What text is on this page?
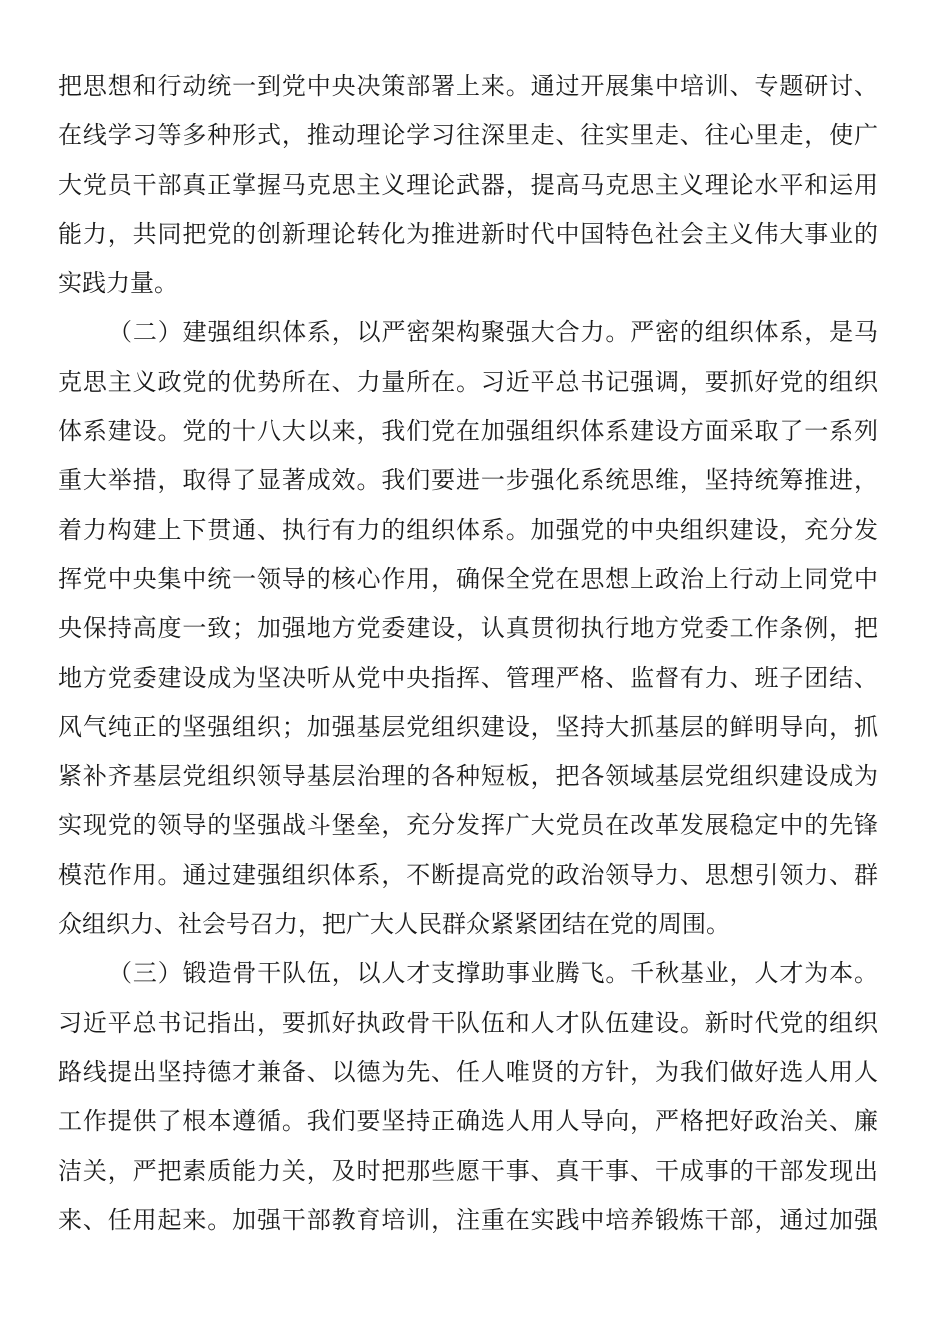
把思想和行动统一到党中央决策部署上来。通过开展集中培训、专题研讨、
在线学习等多种形式，推动理论学习往深里走、往实里走、往心里走，使广
大党员干部真正掌握马克思主义理论武器，提高马克思主义理论水平和运用
能力，共同把党的创新理论转化为推进新时代中国特色社会主义伟大事业的
实践力量。
（二）建强组织体系，以严密架构聚强大合力。严密的组织体系，是马
克思主义政党的优势所在、力量所在。习近平总书记强调，要抓好党的组织
体系建设。党的十八大以来，我们党在加强组织体系建设方面采取了一系列
重大举措，取得了显著成效。我们要进一步强化系统思维，坚持统筹推进，
着力构建上下贯通、执行有力的组织体系。加强党的中央组织建设，充分发
挥党中央集中统一领导的核心作用，确保全党在思想上政治上行动上同党中
央保持高度一致；加强地方党委建设，认真贯彻执行地方党委工作条例，把
地方党委建设成为坚决听从党中央指挥、管理严格、监督有力、班子团结、
风气纯正的坚强组织；加强基层党组织建设，坚持大抓基层的鲜明导向，抓
紧补齐基层党组织领导基层治理的各种短板，把各领域基层党组织建设成为
实现党的领导的坚强战斗堡垒，充分发挥广大党员在改革发展稳定中的先锋
模范作用。通过建强组织体系，不断提高党的政治领导力、思想引领力、群
众组织力、社会号召力，把广大人民群众紧紧团结在党的周围。
（三）锻造骨干队伍，以人才支撑助事业腾飞。千秋基业，人才为本。
习近平总书记指出，要抓好执政骨干队伍和人才队伍建设。新时代党的组织
路线提出坚持德才兼备、以德为先、任人唯贤的方针，为我们做好选人用人
工作提供了根本遵循。我们要坚持正确选人用人导向，严格把好政治关、廉
洁关，严把素质能力关，及时把那些愿干事、真干事、干成事的干部发现出
来、任用起来。加强干部教育培训，注重在实践中培养锻炼干部，通过加强
